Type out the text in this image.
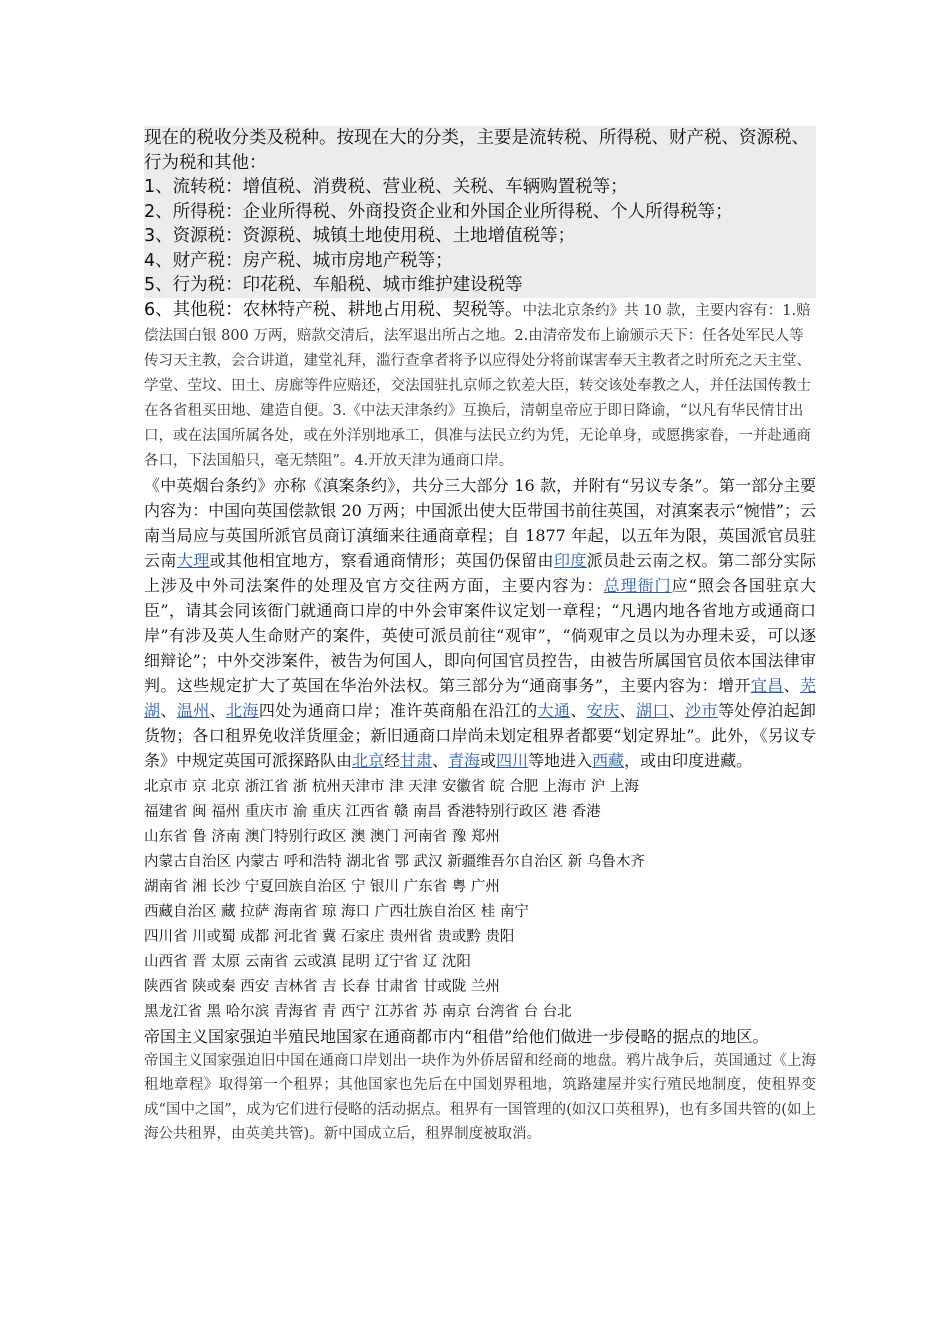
现在的税收分类及税种。按现在大的分类，主要是流转税、所得税、财产税、资源税、行为税和其他：

1、流转税：增值税、消费税、营业税、关税、车辆购置税等；

2、所得税：企业所得税、外商投资企业和外国企业所得税、个人所得税等；

3、资源税：资源税、城镇土地使用税、土地增值税等；

4、财产税：房产税、城市房地产税等；

5、行为税：印花税、车船税、城市维护建设税等

6、其他税：农林特产税、耕地占用税、契税等。中法北京条约》共 10 款，主要内容有：1.赔偿法国白银 800 万两，赔款交清后，法军退出所占之地。2.由清帝发布上谕颁示天下：任各处军民人等传习天主教，会合讲道，建堂礼拜，滥行查拿者将予以应得处分将前谋害奉天主教者之时所充之天主堂、学堂、茔坟、田土、房廊等件应赔还，交法国驻扎京师之钦差大臣，转交该处奉教之人，并任法国传教士在各省租买田地、建造自便。3.《中法天津条约》互换后，清朝皇帝应于即日降谕，“以凡有华民情甘出口，或在法国所属各处，或在外洋别地承工，俱准与法民立约为凭，无论单身，或愿携家眷，一并赴通商各口，下法国船只，毫无禁阻”。4.开放天津为通商口岸。

《中英烟台条约》亦称《滇案条约》，共分三大部分 16 款，并附有“另议专条”。第一部分主要内容为：中国向英国偿款银 20 万两；中国派出使大臣带国书前往英国，对滇案表示“惋惜”；云南当局应与英国所派官员商订滇缅来往通商章程；自 1877 年起，以五年为限，英国派官员驻云南大理或其他相宜地方，察看通商情形；英国仍保留由印度派员赴云南之权。第二部分实际上涉及中外司法案件的处理及官方交往两方面，主要内容为：总理衙门应“照会各国驻京大臣”，请其会同该衙门就通商口岸的中外会审案件议定划一章程；“凡遇内地各省地方或通商口岸”有涉及英人生命财产的案件，英使可派员前往“观审”，“倘观审之员以为办理未妥，可以逐细辩论”；中外交涉案件，被告为何国人，即向何国官员控告，由被告所属国官员依本国法律审判。这些规定扩大了英国在华治外法权。第三部分为“通商事务”，主要内容为：增开宜昌、芜湖、温州、北海四处为通商口岸；准许英商船在沿江的大通、安庆、湖口、沙市等处停泊起卸货物；各口租界免收洋货厘金；新旧通商口岸尚未划定租界者都要“划定界址”。此外，《另议专条》中规定英国可派探路队由北京经甘肃、青海或四川等地进入西藏，或由印度进藏。

北京市 京 北京 浙江省 浙 杭州天津市 津 天津 安徽省 皖 合肥 上海市 沪 上海

福建省 闽 福州 重庆市 渝 重庆 江西省 赣 南昌 香港特别行政区 港 香港

山东省 鲁 济南 澳门特别行政区 澳 澳门 河南省 豫 郑州

内蒙古自治区 内蒙古 呼和浩特 湖北省 鄂 武汉 新疆维吾尔自治区 新 乌鲁木齐

湖南省 湘 长沙 宁夏回族自治区 宁 银川 广东省 粤 广州

西藏自治区 藏 拉萨 海南省 琼 海口 广西壮族自治区 桂 南宁

四川省 川或蜀 成都 河北省 冀 石家庄 贵州省 贵或黔 贵阳

山西省 晋 太原 云南省 云或滇 昆明 辽宁省 辽 沈阳

陕西省 陕或秦 西安 吉林省 吉 长春 甘肃省 甘或陇 兰州

黑龙江省 黑 哈尔滨 青海省 青 西宁 江苏省 苏 南京 台湾省 台 台北

帝国主义国家强迫半殖民地国家在通商都市内“租借”给他们做进一步侵略的据点的地区。

帝国主义国家强迫旧中国在通商口岸划出一块作为外侨居留和经商的地盘。鸦片战争后，英国通过《上海租地章程》取得第一个租界；其他国家也先后在中国划界租地，筑路建屋并实行殖民地制度，使租界变成“国中之国”，成为它们进行侵略的活动据点。租界有一国管理的(如汉口英租界)，也有多国共管的(如上海公共租界，由英美共管)。新中国成立后，租界制度被取消。
